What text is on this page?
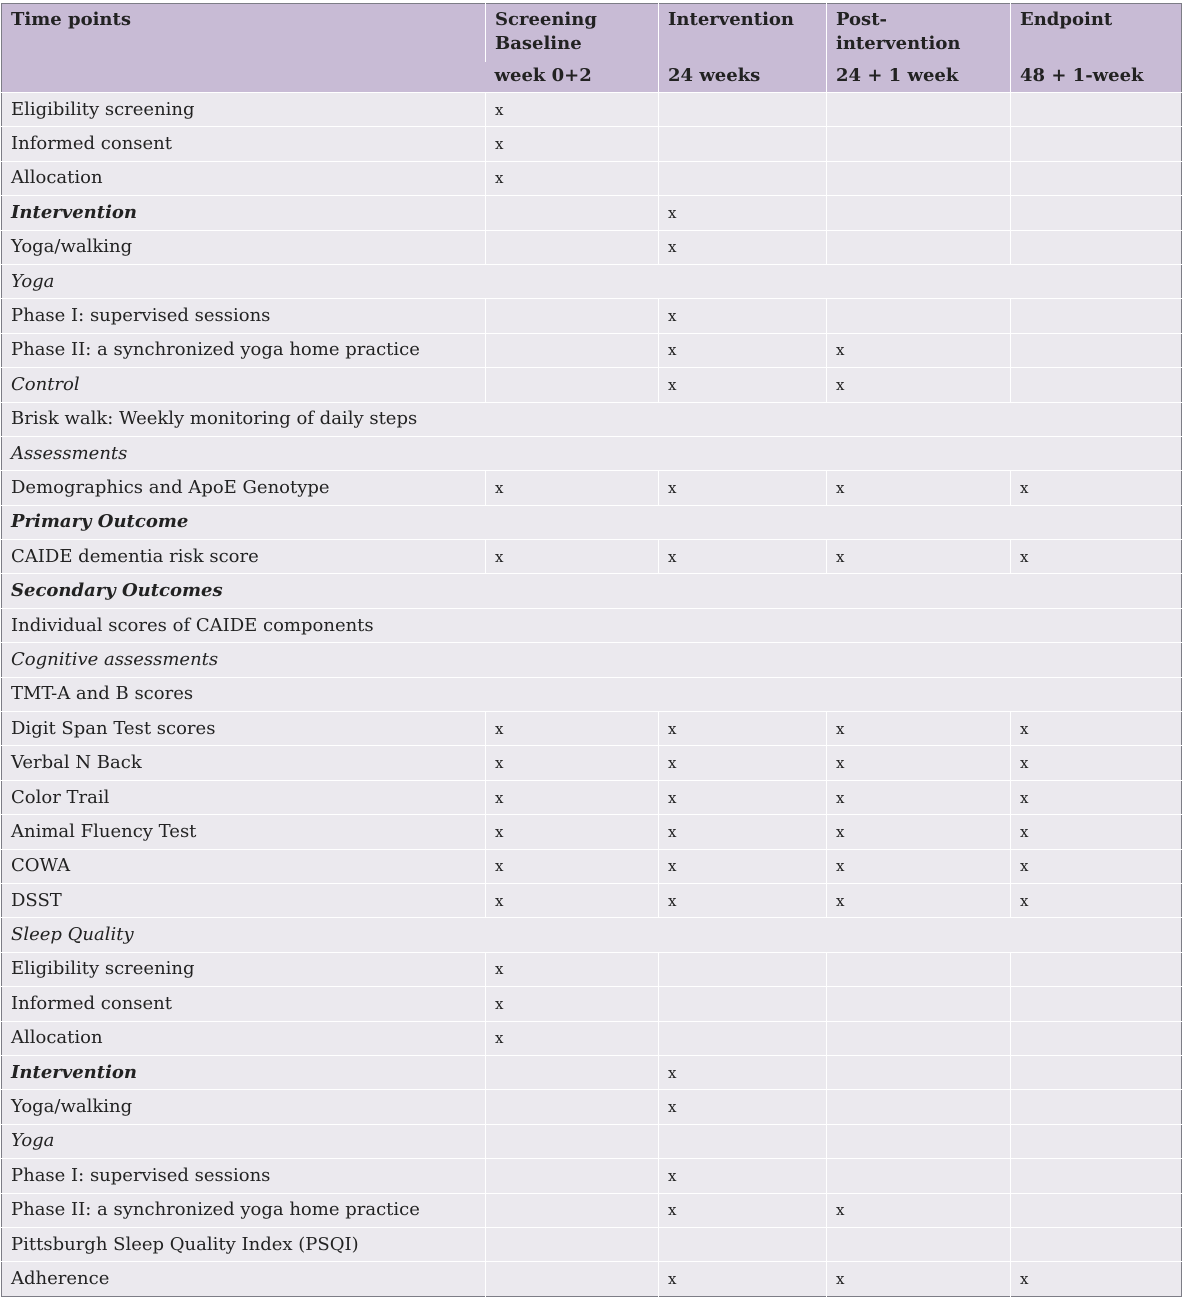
Time points	Screening Baseline	Intervention	Post-intervention	Endpoint
	week 0+2	24 weeks	24 + 1 week	48 + 1-week
Eligibility screening	x			
Informed consent	x			
Allocation	x			
Intervention		x		
Yoga/walking		x		
Yoga				
Phase I: supervised sessions		x		
Phase II: a synchronized yoga home practice		x	x	
Control		x	x	
Brisk walk: Weekly monitoring of daily steps				
Assessments				
Demographics and ApoE Genotype	x	x	x	x
Primary Outcome				
CAIDE dementia risk score	x	x	x	x
Secondary Outcomes				
Individual scores of CAIDE components				
Cognitive assessments				
TMT-A and B scores				
Digit Span Test scores	x	x	x	x
Verbal N Back	x	x	x	x
Color Trail	x	x	x	x
Animal Fluency Test	x	x	x	x
COWA	x	x	x	x
DSST	x	x	x	x
Sleep Quality				
Eligibility screening	x			
Informed consent	x			
Allocation	x			
Intervention		x		
Yoga/walking		x		
Yoga				
Phase I: supervised sessions		x		
Phase II: a synchronized yoga home practice		x	x	
Pittsburgh Sleep Quality Index (PSQI)				
Adherence		x	x	x
